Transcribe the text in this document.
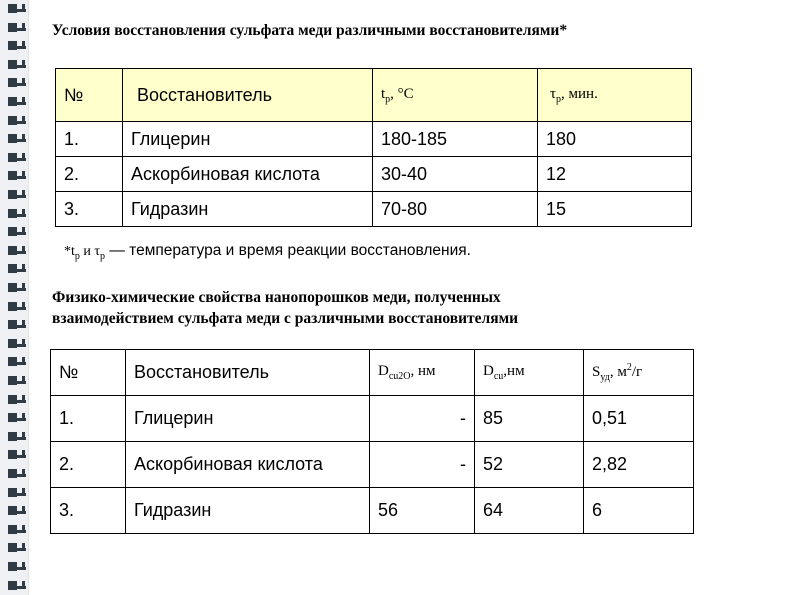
Условия восстановления сульфата меди различными восстановителями*
№	Восстановитель	$t_р$, °С	$\tau_р$, мин.
1.	Глицерин	180-185	180
2.	Аскорбиновая кислота	30-40	12
3.	Гидразин	70-80	15
$*t_р$ и $\tau_р$ — температура и время реакции восстановления.
Физико-химические свойства нанопорошков меди, полученных
взаимодействием сульфата меди с различными восстановителями
№	Восстановитель	$D_{cu2O}$, нм	$D_{cu},нм$	$S_{уд}$, $м^2/г$
1.	Глицерин	-	85	0,51
2.	Аскорбиновая кислота	-	52	2,82
3.	Гидразин	56	64	6
